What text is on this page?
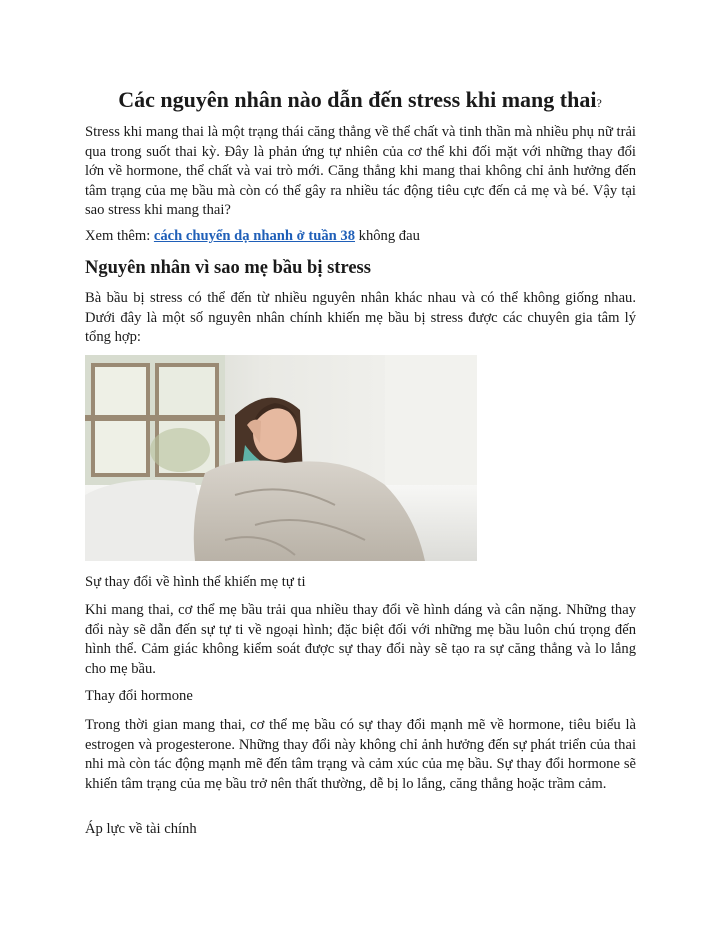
Các nguyên nhân nào dẫn đến stress khi mang thai?

Stress khi mang thai là một trạng thái căng thẳng về thể chất và tinh thần mà nhiều phụ nữ trải qua trong suốt thai kỳ. Đây là phản ứng tự nhiên của cơ thể khi đối mặt với những thay đổi lớn về hormone, thể chất và vai trò mới. Căng thẳng khi mang thai không chỉ ảnh hưởng đến tâm trạng của mẹ bầu mà còn có thể gây ra nhiều tác động tiêu cực đến cả mẹ và bé. Vậy tại sao stress khi mang thai?

Xem thêm: cách chuyển dạ nhanh ở tuần 38 không đau

Nguyên nhân vì sao mẹ bầu bị stress

Bà bầu bị stress có thể đến từ nhiều nguyên nhân khác nhau và có thể không giống nhau. Dưới đây là một số nguyên nhân chính khiến mẹ bầu bị stress được các chuyên gia tâm lý tổng hợp:

Sự thay đổi về hình thể khiến mẹ tự ti

Khi mang thai, cơ thể mẹ bầu trải qua nhiều thay đổi về hình dáng và cân nặng. Những thay đổi này sẽ dẫn đến sự tự ti về ngoại hình; đặc biệt đối với những mẹ bầu luôn chú trọng đến hình thể. Cảm giác không kiểm soát được sự thay đổi này sẽ tạo ra sự căng thẳng và lo lắng cho mẹ bầu.

Thay đổi hormone

Trong thời gian mang thai, cơ thể mẹ bầu có sự thay đổi mạnh mẽ về hormone, tiêu biểu là estrogen và progesterone. Những thay đổi này không chỉ ảnh hưởng đến sự phát triển của thai nhi mà còn tác động mạnh mẽ đến tâm trạng và cảm xúc của mẹ bầu. Sự thay đổi hormone sẽ khiến tâm trạng của mẹ bầu trở nên thất thường, dễ bị lo lắng, căng thẳng hoặc trầm cảm.

Áp lực về tài chính
